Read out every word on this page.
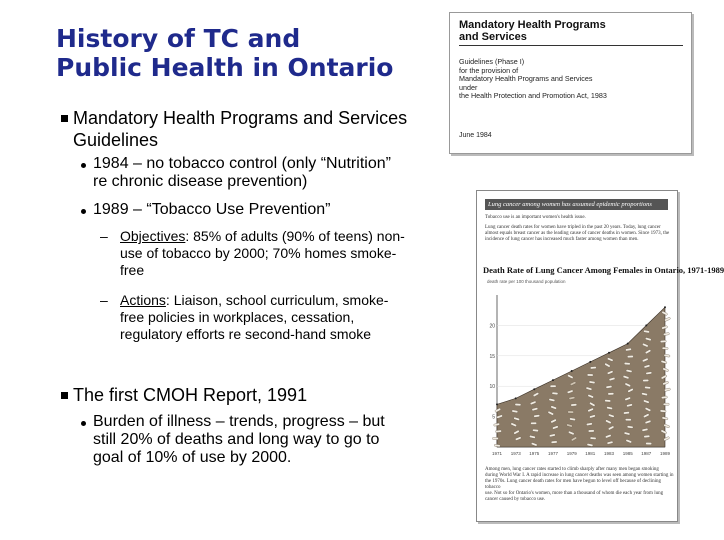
History of TC and
Public Health in Ontario
Mandatory Health Programs and Services
Guidelines
1984 – no tobacco control (only “Nutrition”
re chronic disease prevention)
1989 – “Tobacco Use Prevention”
– Objectives: 85% of adults (90% of teens) non-
use of tobacco by 2000; 70% homes smoke-
free
– Actions: Liaison, school curriculum, smoke-
free policies in workplaces, cessation,
regulatory efforts re second-hand smoke
The first CMOH Report, 1991
Burden of illness – trends, progress – but
still 20% of deaths and long way to go to
goal of 10% of use by 2000.
Mandatory Health Programs
and Services
Guidelines (Phase I)
for the provision of
Mandatory Health Programs and Services
under
the Health Protection and Promotion Act, 1983
June 1984
Lung cancer among women has assumed epidemic proportions
Tobacco use is an important women's health issue.
Lung cancer death rates for women have tripled in the past 20 years. Today, lung cancer
almost equals breast cancer as the leading cause of cancer deaths in women. Since 1973, the
incidence of lung cancer has increased much faster among women than men.
Death Rate of Lung Cancer Among Females in Ontario, 1971-1989
death rate per 100 thousand population
5
10
15
20
1971 1973 1975 1977 1979 1981 1983 1985 1987 1989
Among men, lung cancer rates started to climb sharply after many men began smoking
during World War I. A rapid increase in lung cancer deaths was seen among women starting in
the 1970s. Lung cancer death rates for men have begun to level off because of declining tobacco
use. Not so for Ontario's women, more than a thousand of whom die each year from lung
cancer caused by tobacco use.
